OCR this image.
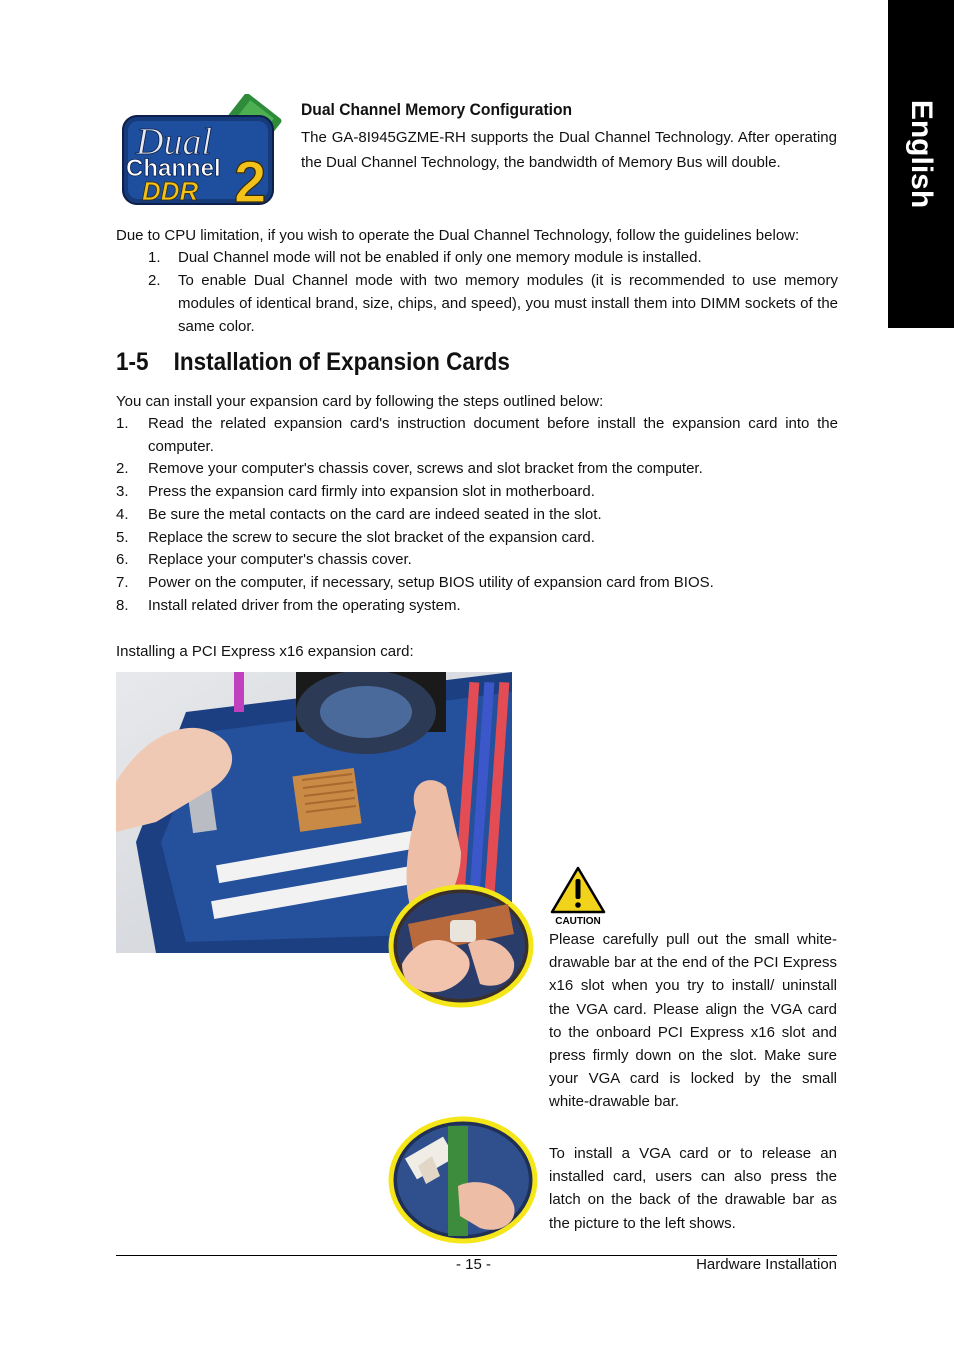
English
Dual
Channel
DDR 2
Dual Channel Memory Configuration
The GA-8I945GZME-RH supports the Dual Channel Technology. After operating the Dual Channel Technology, the bandwidth of Memory Bus will double.
Due to CPU limitation, if you wish to operate the Dual Channel Technology, follow the guidelines below:
1. Dual Channel mode will not be enabled if only one memory module is installed.
2. To enable Dual Channel mode with two memory modules (it is recommended to use memory modules of identical brand, size, chips, and speed), you must install them into DIMM sockets of the same color.
1-5 Installation of Expansion Cards
You can install your expansion card by following the steps outlined below:
1. Read the related expansion card's instruction document before install the expansion card into the computer.
2. Remove your computer's chassis cover, screws and slot bracket from the computer.
3. Press the expansion card firmly into expansion slot in motherboard.
4. Be sure the metal contacts on the card are indeed seated in the slot.
5. Replace the screw to secure the slot bracket of the expansion card.
6. Replace your computer's chassis cover.
7. Power on the computer, if necessary, setup BIOS utility of expansion card from BIOS.
8. Install related driver from the operating system.
Installing a PCI Express x16 expansion card:
CAUTION
Please carefully pull out the small white-drawable bar at the end of the PCI Express x16 slot when you try to install/ uninstall the VGA card. Please align the VGA card to the onboard PCI Express x16 slot and press firmly down on the slot. Make sure your VGA card is locked by the small white-drawable bar.
To install a VGA card or to release an installed card, users can also press the latch on the back of the drawable bar as the picture to the left shows.
- 15 -	Hardware Installation
